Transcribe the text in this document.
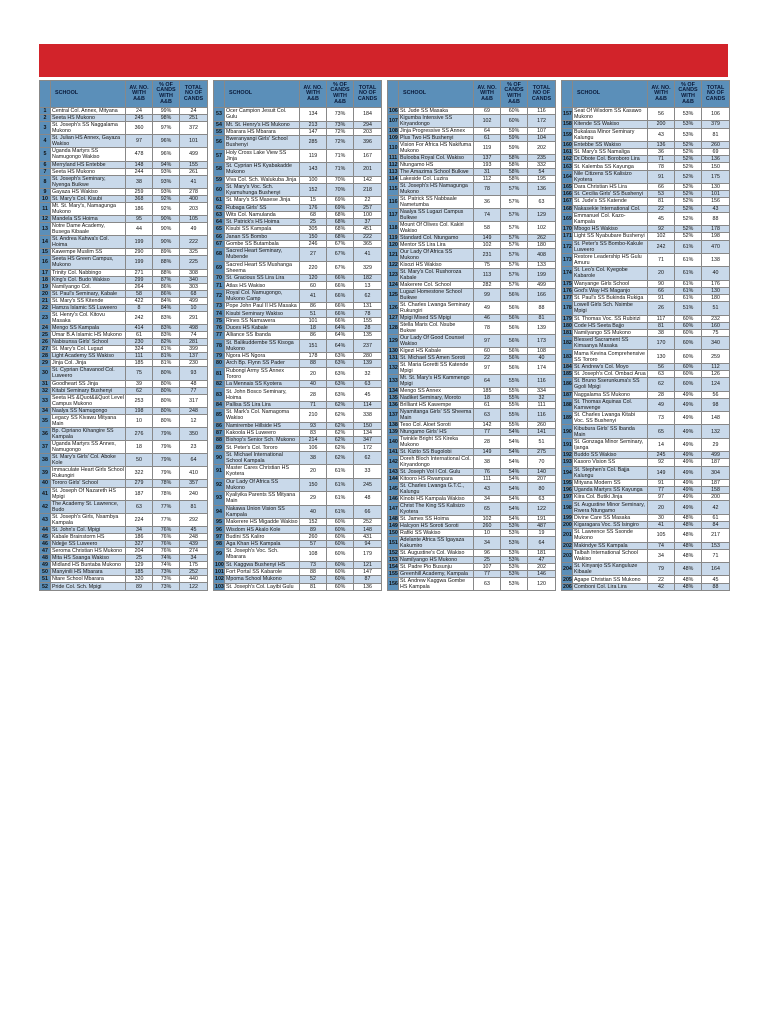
	SCHOOL	AV. NO. WITH A&B	% OF CANDS WITH A&B	TOTAL NO OF CANDS
1	Central Col. Annex, Mityana	24	99%	24
2	Seeta HS Mukono	245	98%	251
3	St. Joseph's SS Naggalama Mukono	360	97%	372
4	St. Julian HS Annex, Gayaza Wakiso	97	96%	101
5	Uganda Martyrs SS Namugongo Wakiso	478	96%	499
6	Merryland HS Entebbe	148	94%	155
7	Seeta HS Mukono	244	93%	261
8	St. Joseph's Seminary, Nyenga Buikwe	38	93%	41
9	Gayaza HS Wakiso	259	93%	278
10	St. Mary's Col. Kisubi	368	92%	400
11	Mt. St. Mary's, Namagunga Mukono	186	92%	203
12	Mandela SS Hoima	95	90%	105
13	Notre Dame Academy, Busega Kibaale	44	90%	49
14	St. Andrea Kahwa's Col. Hoima	199	90%	222
15	Kawempe Muslim SS	290	89%	325
16	Seeta HS Green Campus, Mukono	199	88%	225
17	Trinity Col. Nabbingo	271	88%	308
18	King's Col. Budo Wakiso	299	87%	340
19	Namilyango Col.	264	86%	303
20	St. Paul's Seminary, Kabale	58	86%	68
21	St. Mary's SS Kitende	422	84%	499
22	Hamza Islamic SS Luweero	8	84%	10
23	St. Henry's Col. Kitovu Masaka	242	83%	291
24	Mengo SS Kampala	414	83%	498
25	Umar B.A Islamic HS Mukono	61	83%	74
26	Nabisunsa Girls' School	230	82%	281
27	St. Mary's Col. Lugazi	324	81%	399
28	Light Academy SS Wakiso	111	81%	137
29	Jinja Col. Jinja	185	81%	230
30	St. Cyprian Chavanod Col. Luweero	75	80%	93
31	Goodheart SS Jinja	39	80%	48
32	Kitabi Seminary Bushenyi	62	80%	77
33	Seeta HS &Quot&&Quot Level Campus Mukono	253	80%	317
34	Naalya SS Namugongo	198	80%	248
35	Legacy SS Kivawu Mityana Main	10	80%	12
36	Bp. Cipriano Kihangire SS Kampala	276	79%	350
37	Uganda Martyrs SS Annex, Namugongo	18	79%	23
38	St. Mary's Girls' Col. Aboke Kole	50	79%	64
39	Immaculate Heart Girls School Rukungiri	322	79%	410
40	Tororo Girls' School	279	78%	357
41	St. Joseph Of Nazareth HS Mpigi	187	78%	240
42	The Academy St. Lawrence, Budo	63	77%	81
43	St. Joseph's Girls, Nsambya Kampala	224	77%	292
44	St. John's Col. Mpigi	34	76%	45
45	Kabale Brainstorm HS	186	76%	248
46	Ndejje SS Luweero	327	76%	439
47	Seroma Christian HS Mukono	204	76%	274
48	Mita HS Ssanga Wakiso	25	74%	34
49	Midland HS Buntaba Mukono	129	74%	175
50	Manyinili HS Mbarara	185	73%	252
51	Ntare School Mbarara	320	73%	440
52	Pride Col. Sch. Mpigi	89	73%	122
	SCHOOL	AV. NO. WITH A&B	% OF CANDS WITH A&B	TOTAL NO OF CANDS
53	Ocer Campion Jesuit Col. Gulu	134	73%	184
54	Mt. St. Henry's HS Mukono	213	73%	294
55	Mbarara HS Mbarara	147	72%	203
56	Bweranyangi Girls' School Bushenyi	285	72%	396
57	Holy Cross Lake View SS Jinja	119	71%	167
58	St. Cyprian HS Kyabakadde Mukono	143	71%	201
59	Viva Col. Sch. Walukuba Jinja	100	70%	142
60	St. Mary's Voc. Sch. Kyamuhunga Bushenyi	152	70%	218
61	St. Mary's SS Masese Jinja	15	69%	22
62	Rubaga Girls' SS	176	69%	257
63	Wits Col. Namulanda	68	68%	100
64	St. Patrick's HS Hoima	25	68%	37
65	Kisubi SS Kampala	305	68%	451
66	Janan SS Bombo	150	68%	222
67	Gombe SS Butambala	246	67%	365
68	Sacred Heart Seminary, Mubende	27	67%	41
69	Sacred Heart SS Mushanga Sheema	220	67%	329
70	St. Gracious SS Lira Lira	120	66%	182
71	Atlas HS Wakiso	60	66%	13
72	Royal Col. Namugongo, Mukono Camp	41	66%	62
73	Pope John Paul II HS Masaka	86	66%	131
74	Kisubi Seminary Wakiso	51	66%	78
75	Rines SS Namuwera	101	66%	155
76	Duces HS Kabale	18	64%	28
77	Alliance SS Ibanda	86	64%	135
78	St. Balikuddembe SS Kisoga Mukono	151	64%	237
79	Ngora HS Ngora	178	63%	280
80	Arch Bp. Flynn SS Pader	88	63%	139
81	Rubongi Army SS Annex Tororo	20	63%	32
82	La Mennais SS Kyotera	40	63%	63
83	St. John Bosco Seminary, Hoima	28	63%	45
84	Pallisa SS Lira Lira	71	62%	114
85	St. Mark's Col. Namagoma Wakiso	210	62%	338
86	Namirembe Hillside HS	93	62%	150
87	Kakoola HS Luweero	83	62%	134
88	Bishop's Senior Sch. Mukono	214	62%	347
89	St. Peter's Col. Tororo	106	62%	172
90	St. Michael International School Kampala	38	62%	62
91	Master Cares Christian HS Kyotera	20	61%	33
92	Our Lady Of Africa SS Mukono	150	61%	245
93	Kyaliyika Parents SS Mityana Main	29	61%	48
94	Nakawa Union Vision SS Kampala	40	61%	66
95	Makerere HS Migadde Wakiso	152	60%	252
96	Wisdom HS Akalo Kole	89	60%	148
97	Budini SS Kaliro	260	60%	431
98	Aga Khan HS Kampala	57	60%	94
99	St. Joseph's Voc. Sch. Mbarara	108	60%	179
100	St. Kaggwa Bushenyi HS	73	60%	121
101	Fort Portal SS Kabarole	88	60%	147
102	Mpoma School Mukono	52	60%	87
103	St. Joseph's Col. Layibi Gulu	81	60%	136
	SCHOOL	AV. NO. WITH A&B	% OF CANDS WITH A&B	TOTAL NO OF CANDS
106	St. Jude SS Masaka	69	60%	116
107	Kigumba Intensive SS Kiryandongo	102	60%	172
108	Jinja Progressive SS Annex	64	59%	107
109	Plus Two HS Bushenyi	61	59%	104
110	Vision For Africa HS Nakifuma Mukono	119	59%	202
111	Bulooba Royal Col. Wakiso	137	58%	235
112	Ntungamo HS	193	58%	332
113	The Amazima School Bulkwe	31	58%	54
114	Lakeside Col. Luzira	112	58%	195
115	St. Joseph's HS Namagunga Mukono	78	57%	136
116	St. Patrick SS Nabbaale Nametumba	36	57%	63
117	Naalya SS Lugazi Campus Bulkwe	74	57%	129
118	Mount Of Olives Col. Kakiri Wakiso	58	57%	102
119	Standard Col. Ntungamo	149	57%	262
120	Mentor SS Lira Lira	102	57%	180
121	Our Lady Of Africa SS Mukono	231	57%	408
122	Kisozi HS Wakiso	75	57%	133
123	St. Mary's Col. Rushoroza Kabale	113	57%	199
124	Makerere Col. School	282	57%	499
125	Lugazi Homestone School Buikwe	99	56%	166
126	St. Charles Lwanga Seminary Rukungiri	49	56%	88
127	Mpigi Mixed SS Mpigi	46	56%	81
128	Stella Maris Col. Nsube Bukwe	78	56%	139
129	Our Lady Of Good Counsel Wakiso	97	56%	173
130	Kigezi HS Kabale	60	56%	108
131	St. Michael SS Amen Soroti	22	56%	40
132	St. Maria Goretti SS Katende Mpigi	97	56%	174
133	Mt. St. Mary's HS Kammengo Mpigi	64	55%	116
134	Mengo SS Annex	185	55%	334
135	Nadiket Seminary, Moroto	18	55%	32
136	Brilliant HS Kawempe	61	55%	111
137	Nyamitanga Girls' SS Sheema Main	63	55%	116
138	Teso Col. Aloet Soroti	142	55%	260
139	Ntungamo Girls' HS	77	54%	141
140	Twinkle Bright SS Kireka Mukono	28	54%	51
141	St. Kizito SS Bugolobi	149	54%	275
142	Doreh Bloch International Col. Kiryandongo	38	54%	70
143	St. Joseph Vol I Col. Gulu	76	54%	140
144	Kitooro HS Rwampara	111	54%	207
145	St. Charles Lwanga G.T.C., Kalungu	43	54%	80
146	Kinobi HS Kampala Wakiso	34	54%	63
147	Christ The King SS Kalisizo Kyotera	65	54%	122
148	St. James SS Hoima	102	54%	191
149	Halcyon HS Soroti Soroti	260	53%	487
150	Rafiki SS Wakiso	10	53%	19
151	Adelante Africa SS Igayaza Kakumiro	34	53%	64
152	St. Augustine's Col. Wakiso	96	53%	181
153	Namilyango HS Mukono	25	53%	47
154	St. Padre Pio Busunju	107	53%	202
155	Greenhill Academy, Kampala	77	53%	146
156	St. Andrew Kaggwa Gombe HS Kampala	63	53%	120
	SCHOOL	AV. NO. WITH A&B	% OF CANDS WITH A&B	TOTAL NO OF CANDS
157	Seat Of Wisdom SS Kasawo Mukono	56	53%	106
158	Kitende SS Wakiso	200	53%	379
159	Bukalasa Minor Seminary Kalungu	43	53%	81
160	Entebbe SS Wakiso	136	52%	260
161	St. Mary's SS Namaliga	36	52%	69
162	Dr.Obote Col. Boroboro Lira	71	52%	136
163	St. Kalemba SS Kayunga	78	52%	150
164	Nile Citizens SS Kalisizo Kyotera	91	52%	175
165	Dara Christian HS Lira	66	52%	130
166	St. Cecilia Girls' SS Bushenyi	53	52%	101
167	St. Jude's SS Katende	81	52%	156
168	Nakasekie International Col.	22	52%	43
169	Emmanuel Col. Kazo-Kampala	45	52%	88
170	Mbogo HS Wakiso	92	52%	178
171	Light SS Nyabubare Bushenyi	102	52%	198
172	St. Peter's SS Bombo-Kakule Luweero	242	61%	470
173	Restore Leadership HS Gulu Amuru	71	61%	138
174	St. Leo's Col. Kyegobe Kabarole	20	61%	40
175	Wanyange Girls School	90	61%	176
176	God's Way HS Maganjo	66	61%	130
177	St. Paul's SS Bukinda Rukiga	91	61%	180
178	Lowell Girls Sch. Nsimbe Mpigi	26	51%	51
179	St. Thomas Voc. SS Rubirizi	117	60%	232
180	Code HS Seeta Bajjo	81	60%	160
181	Namilyango SS Mukono	38	60%	75
182	Blessed Sacrament SS Kimaanya Masaka	170	60%	340
183	Mama Kevina Comprehensive SS Tororo	130	60%	259
184	St. Andrew's Col. Moyo	56	60%	112
185	St. Joseph's Col. Ombaci Arua	63	60%	126
186	St. Bruno Sserunkuma's SS Ggoli Mpigi	62	60%	124
187	Naggalama SS Mukono	28	49%	56
188	St. Thomas Aquinas Col. Kamwenge	49	49%	98
189	St. Charles Lwanga Kitabi Voc. SS Bushenyi	73	49%	148
190	Kibubura Girls' SS Ibanda Main	65	49%	132
191	St. Gonzaga Minor Seminary, Ijanga	14	49%	29
192	Buddo SS Wakiso	245	49%	499
193	Kasoro Vision SS	92	49%	187
194	St. Stephen's Col. Bajja Kalungu	149	49%	304
195	Mityana Modern SS	91	49%	187
196	Uganda Martyrs SS Kayunga	77	49%	158
197	Kiira Col. Butiki Jinja	97	49%	200
198	St. Augustine Minor Seminary, Rwera Ntungamo	20	49%	42
199	Divine Care SS Masaka	30	48%	61
200	Kigaragara Voc. SS Isingiro	41	48%	84
201	St. Lawrence SS Ssonde Mukono	105	48%	217
202	Makindye SS Kampala	74	48%	153
203	Talbah International School Wakiso	34	48%	71
204	St. Kinyanjo SS Kanguluze Kibaale	79	48%	164
205	Agape Christian SS Mukono	22	48%	45
206	Comboni Col. Lira Lira	42	48%	88
